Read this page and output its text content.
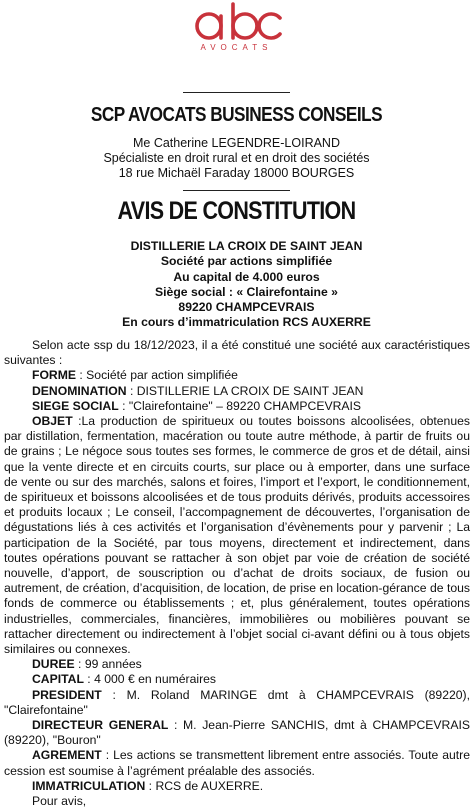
AVOCATS
SCP AVOCATS BUSINESS CONSEILS
Me Catherine LEGENDRE-LOIRAND
Spécialiste en droit rural et en droit des sociétés
18 rue Michaël Faraday 18000 BOURGES
AVIS DE CONSTITUTION
DISTILLERIE LA CROIX DE SAINT JEAN
Société par actions simplifiée
Au capital de 4.000 euros
Siège social : « Clairefontaine »
89220 CHAMPCEVRAIS
En cours d’immatriculation RCS AUXERRE

Selon acte ssp du 18/12/2023, il a été constitué une société aux caractéristiques suivantes :

FORME : Société par action simplifiée

DENOMINATION : DISTILLERIE LA CROIX DE SAINT JEAN

SIEGE SOCIAL : "Clairefontaine" – 89220 CHAMPCEVRAIS

OBJET :La production de spiritueux ou toutes boissons alcoolisées, obtenues par distillation, fermentation, macération ou toute autre méthode, à partir de fruits ou de grains ; Le négoce sous toutes ses formes, le commerce de gros et de détail, ainsi que la vente directe et en circuits courts, sur place ou à emporter, dans une surface de vente ou sur des marchés, salons et foires, l’import et l’export, le conditionnement, de spiritueux et boissons alcoolisées et de tous produits dérivés, produits accessoires et produits locaux ; Le conseil, l’accompagnement de découvertes, l’organisation de dégustations liés à ces activités et l’organisation d’évènements pour y parvenir ; La participation de la Société, par tous moyens, directement et indirectement, dans toutes opérations pouvant se rattacher à son objet par voie de création de société nouvelle, d’apport, de souscription ou d’achat de droits sociaux, de fusion ou autrement, de création, d’acquisition, de location, de prise en location-gérance de tous fonds de commerce ou établissements ; et, plus généralement, toutes opérations industrielles, commerciales, financières, immobilières ou mobilières pouvant se rattacher directement ou indirectement à l’objet social ci-avant défini ou à tous objets similaires ou connexes.

DUREE : 99 années

CAPITAL : 4 000 € en numéraires

PRESIDENT : M. Roland MARINGE dmt à CHAMPCEVRAIS (89220), "Clairefontaine"

DIRECTEUR GENERAL : M. Jean-Pierre SANCHIS, dmt à CHAMPCEVRAIS (89220), "Bouron"

AGREMENT : Les actions se transmettent librement entre associés. Toute autre cession est soumise à l’agrément préalable des associés.

IMMATRICULATION : RCS de AUXERRE.

Pour avis,
